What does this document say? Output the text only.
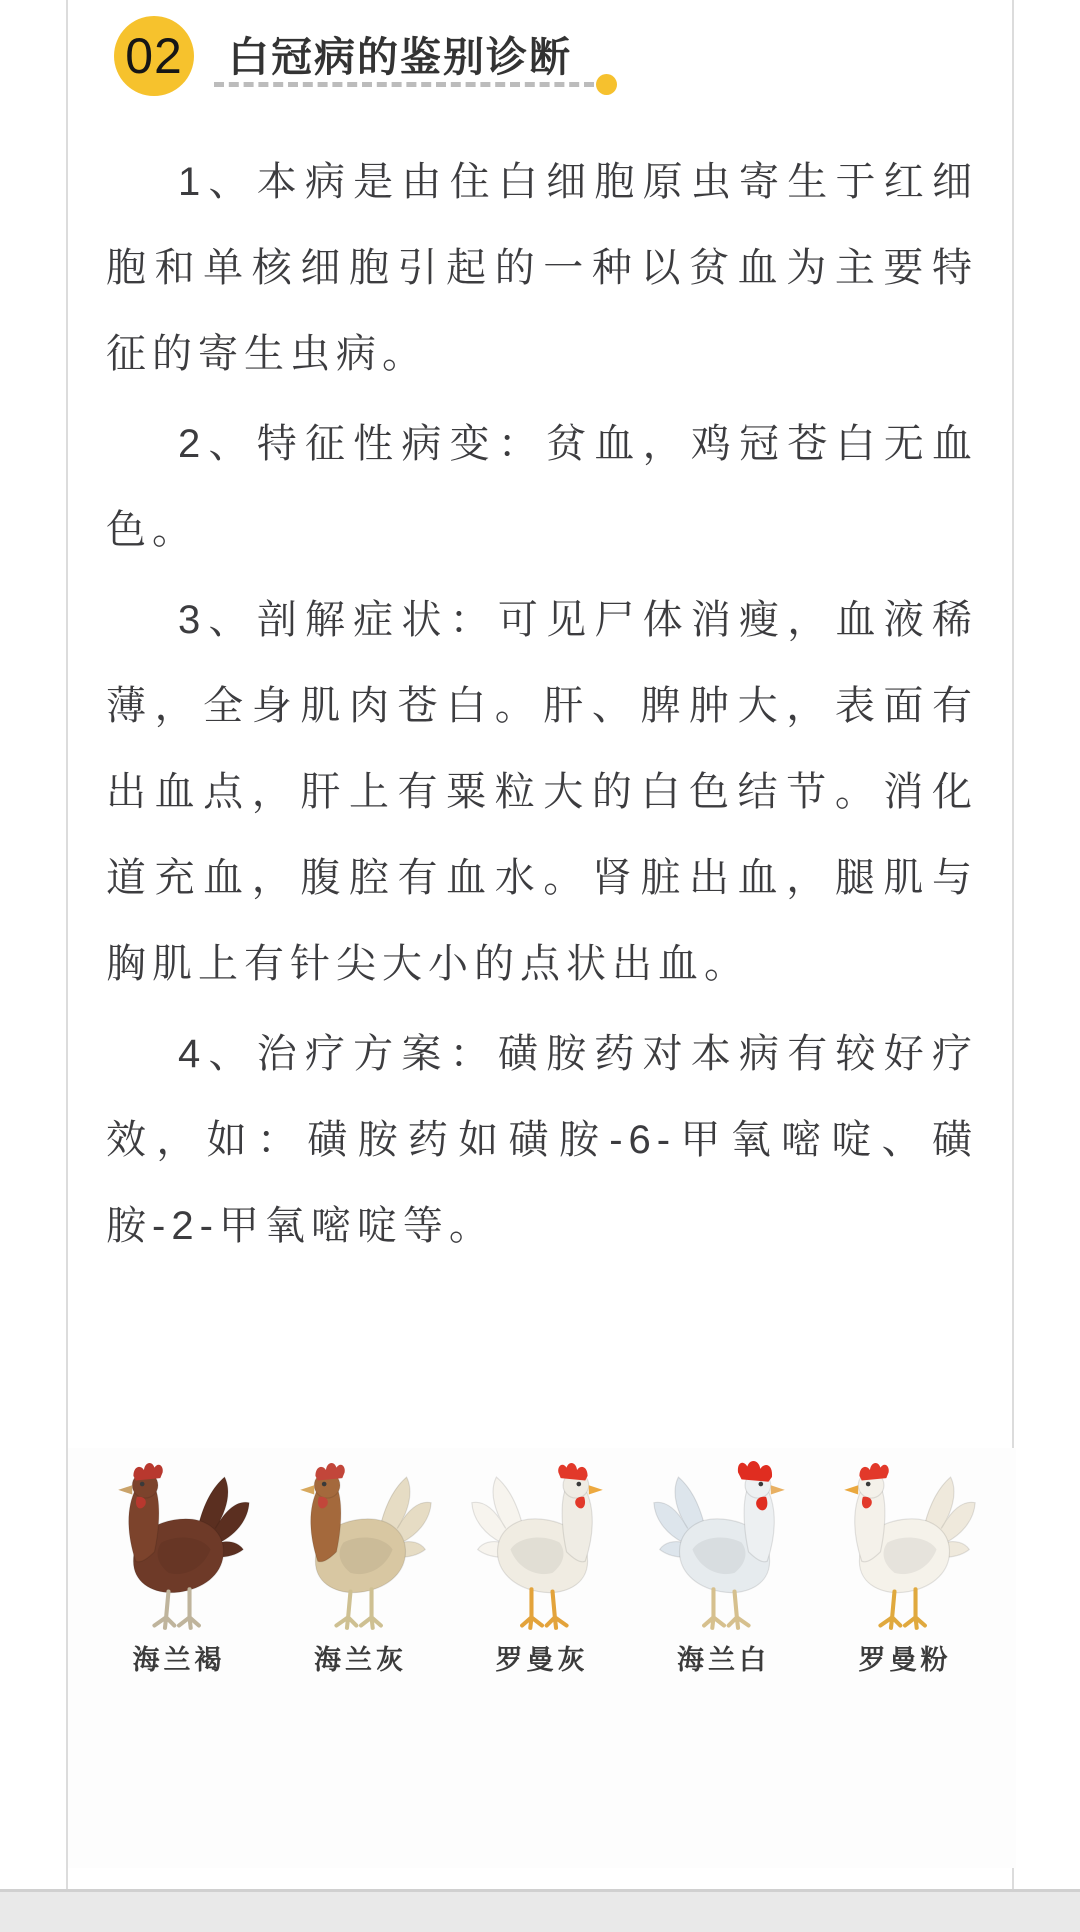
02 白冠病的鉴别诊断

1、本病是由住白细胞原虫寄生于红细胞和单核细胞引起的一种以贫血为主要特征的寄生虫病。

2、特征性病变：贫血，鸡冠苍白无血色。

3、剖解症状：可见尸体消瘦，血液稀薄，全身肌肉苍白。肝、脾肿大，表面有出血点，肝上有粟粒大的白色结节。消化道充血，腹腔有血水。肾脏出血，腿肌与胸肌上有针尖大小的点状出血。

4、治疗方案：磺胺药对本病有较好疗效，如：磺胺药如磺胺-6-甲氧嘧啶、磺胺-2-甲氧嘧啶等。

海兰褐	海兰灰	罗曼灰	海兰白	罗曼粉
